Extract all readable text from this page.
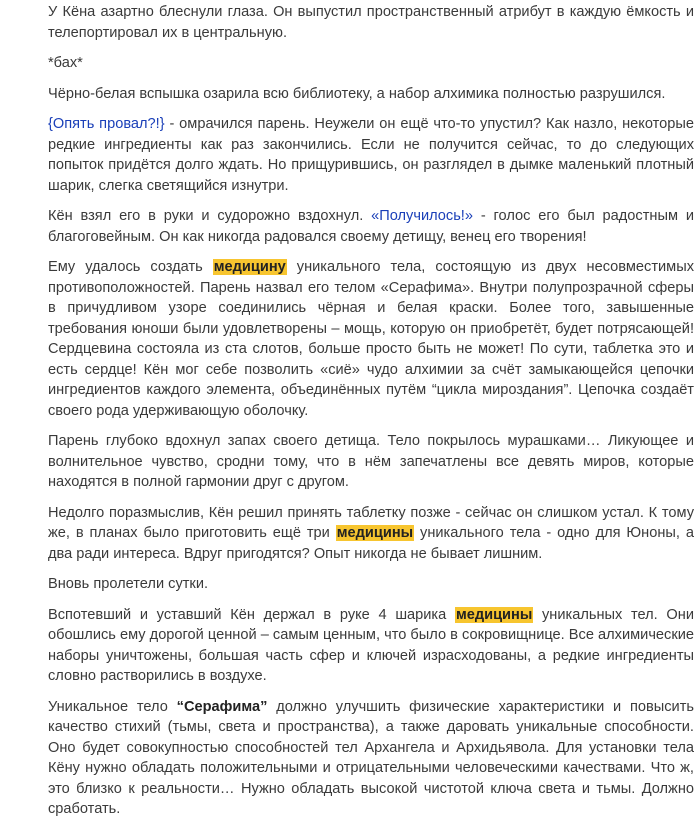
У Кёна азартно блеснули глаза. Он выпустил пространственный атрибут в каждую ёмкость и телепортировал их в центральную.

*бах*

Чёрно-белая вспышка озарила всю библиотеку, а набор алхимика полностью разрушился.

{Опять провал?!} - омрачился парень. Неужели он ещё что-то упустил? Как назло, некоторые редкие ингредиенты как раз закончились. Если не получится сейчас, то до следующих попыток придётся долго ждать. Но прищурившись, он разглядел в дымке маленький плотный шарик, слегка светящийся изнутри.

Кён взял его в руки и судорожно вздохнул. «Получилось!» - голос его был радостным и благоговейным. Он как никогда радовался своему детищу, венец его творения!

Ему удалось создать медицину уникального тела, состоящую из двух несовместимых противоположностей. Парень назвал его телом «Серафима». Внутри полупрозрачной сферы в причудливом узоре соединились чёрная и белая краски. Более того, завышенные требования юноши были удовлетворены – мощь, которую он приобретёт, будет потрясающей! Сердцевина состояла из ста слотов, больше просто быть не может! По сути, таблетка это и есть сердце! Кён мог себе позволить «сиё» чудо алхимии за счёт замыкающейся цепочки ингредиентов каждого элемента, объединённых путём “цикла мироздания”. Цепочка создаёт своего рода удерживающую оболочку.

Парень глубоко вдохнул запах своего детища. Тело покрылось мурашками… Ликующее и волнительное чувство, сродни тому, что в нём запечатлены все девять миров, которые находятся в полной гармонии друг с другом.

Недолго поразмыслив, Кён решил принять таблетку позже - сейчас он слишком устал. К тому же, в планах было приготовить ещё три медицины уникального тела - одно для Юноны, а два ради интереса. Вдруг пригодятся? Опыт никогда не бывает лишним.

Вновь пролетели сутки.

Вспотевший и уставший Кён держал в руке 4 шарика медицины уникальных тел. Они обошлись ему дорогой ценной – самым ценным, что было в сокровищнице. Все алхимические наборы уничтожены, большая часть сфер и ключей израсходованы, а редкие ингредиенты словно растворились в воздухе.

Уникальное тело “Серафима” должно улучшить физические характеристики и повысить качество стихий (тьмы, света и пространства), а также даровать уникальные способности. Оно будет совокупностью способностей тел Архангела и Архидьявола. Для установки тела Кёну нужно обладать положительными и отрицательными человеческими качествами. Что ж, это близко к реальности… Нужно обладать высокой чистотой ключа света и тьмы. Должно сработать.
